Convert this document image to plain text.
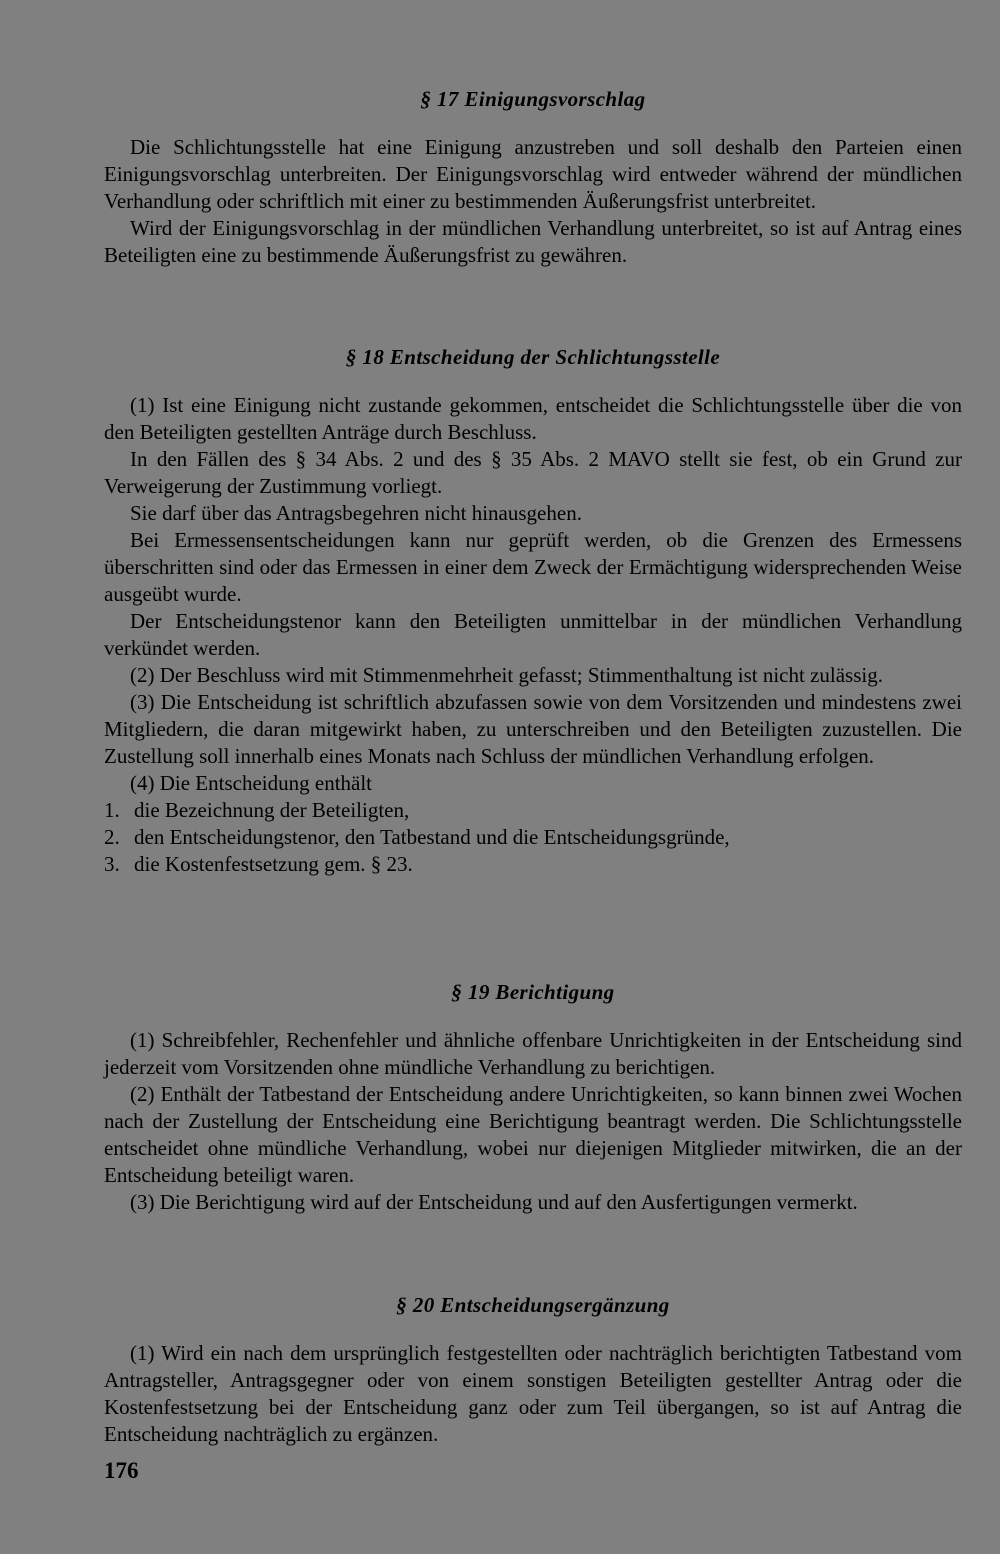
§ 17 Einigungsvorschlag

Die Schlichtungsstelle hat eine Einigung anzustreben und soll deshalb den Parteien einen Einigungsvorschlag unterbreiten. Der Einigungsvorschlag wird entweder während der mündlichen Verhandlung oder schriftlich mit einer zu bestimmenden Äußerungsfrist unterbreitet.

Wird der Einigungsvorschlag in der mündlichen Verhandlung unterbreitet, so ist auf Antrag eines Beteiligten eine zu bestimmende Äußerungsfrist zu gewähren.

§ 18 Entscheidung der Schlichtungsstelle

(1) Ist eine Einigung nicht zustande gekommen, entscheidet die Schlichtungsstelle über die von den Beteiligten gestellten Anträge durch Beschluss.

In den Fällen des § 34 Abs. 2 und des § 35 Abs. 2 MAVO stellt sie fest, ob ein Grund zur Verweigerung der Zustimmung vorliegt.

Sie darf über das Antragsbegehren nicht hinausgehen.

Bei Ermessensentscheidungen kann nur geprüft werden, ob die Grenzen des Ermessens überschritten sind oder das Ermessen in einer dem Zweck der Ermächtigung widersprechenden Weise ausgeübt wurde.

Der Entscheidungstenor kann den Beteiligten unmittelbar in der mündlichen Verhandlung verkündet werden.

(2) Der Beschluss wird mit Stimmenmehrheit gefasst; Stimmenthaltung ist nicht zulässig.

(3) Die Entscheidung ist schriftlich abzufassen sowie von dem Vorsitzenden und mindestens zwei Mitgliedern, die daran mitgewirkt haben, zu unterschreiben und den Beteiligten zuzustellen. Die Zustellung soll innerhalb eines Monats nach Schluss der mündlichen Verhandlung erfolgen.

(4) Die Entscheidung enthält

1. die Bezeichnung der Beteiligten,
2. den Entscheidungstenor, den Tatbestand und die Entscheidungsgründe,
3. die Kostenfestsetzung gem. § 23.
§ 19 Berichtigung

(1) Schreibfehler, Rechenfehler und ähnliche offenbare Unrichtigkeiten in der Entscheidung sind jederzeit vom Vorsitzenden ohne mündliche Verhandlung zu berichtigen.

(2) Enthält der Tatbestand der Entscheidung andere Unrichtigkeiten, so kann binnen zwei Wochen nach der Zustellung der Entscheidung eine Berichtigung beantragt werden. Die Schlichtungsstelle entscheidet ohne mündliche Verhandlung, wobei nur diejenigen Mitglieder mitwirken, die an der Entscheidung beteiligt waren.

(3) Die Berichtigung wird auf der Entscheidung und auf den Ausfertigungen vermerkt.

§ 20 Entscheidungsergänzung

(1) Wird ein nach dem ursprünglich festgestellten oder nachträglich berichtigten Tatbestand vom Antragsteller, Antragsgegner oder von einem sonstigen Beteiligten gestellter Antrag oder die Kostenfestsetzung bei der Entscheidung ganz oder zum Teil übergangen, so ist auf Antrag die Entscheidung nachträglich zu ergänzen.

176
